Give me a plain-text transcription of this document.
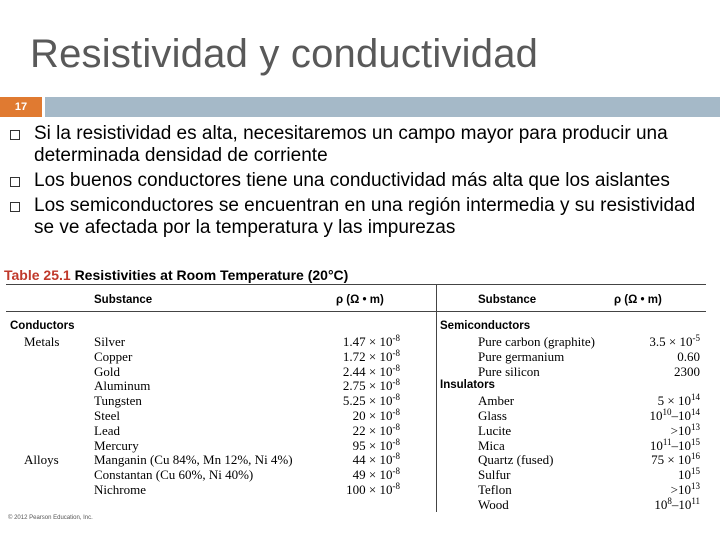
Resistividad y conductividad
17
Si la resistividad es alta, necesitaremos un campo mayor para producir una determinada densidad de corriente
Los buenos conductores tiene una conductividad más alta que los aislantes
Los semiconductores se encuentran en una región intermedia y su resistividad se ve afectada por la temperatura y las impurezas
Table 25.1 Resistivities at Room Temperature (20°C)
Substance	ρ (Ω • m)	Substance	ρ (Ω • m)
Conductors	Semiconductors
Insulators
© 2012 Pearson Education, Inc.
Metals	Silver	$1.47 \times 10^{-8}$
Copper	$1.72 \times 10^{-8}$
Gold	$2.44 \times 10^{-8}$
Aluminum	$2.75 \times 10^{-8}$
Tungsten	$5.25 \times 10^{-8}$
Steel	$20 \times 10^{-8}$
Lead	$22 \times 10^{-8}$
Mercury	$95 \times 10^{-8}$
Alloys	Manganin (Cu 84%, Mn 12%, Ni 4%)	$44 \times 10^{-8}$
Constantan (Cu 60%, Ni 40%)	$49 \times 10^{-8}$
Nichrome	$100 \times 10^{-8}$
Pure carbon (graphite)	$3.5 \times 10^{-5}$
Pure germanium	0.60
Pure silicon	2300
Amber	$5 \times 10^{14}$
Glass	$10^{10}-10^{14}$
Lucite	$>10^{13}$
Mica	$10^{11}-10^{15}$
Quartz (fused)	$75 \times 10^{16}$
Sulfur	$10^{15}$
Teflon	$>10^{13}$
Wood	$10^8-10^{11}$
